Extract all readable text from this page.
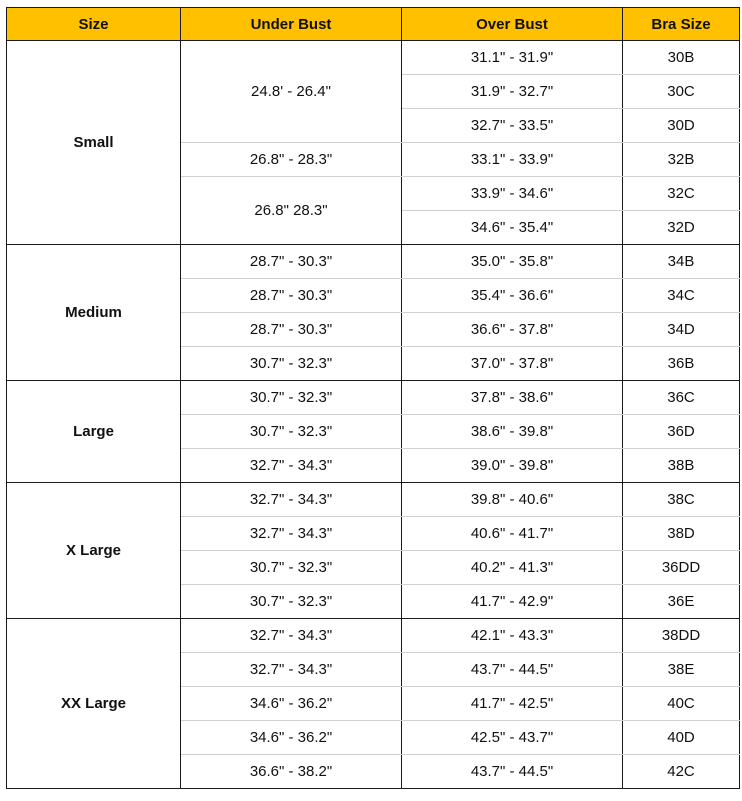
Size	Under Bust	Over Bust	Bra Size
Small	24.8' - 26.4"	31.1" - 31.9"	30B
		31.9" - 32.7"	30C
		32.7" - 33.5"	30D
	26.8" - 28.3"	33.1" - 33.9"	32B
	26.8" 28.3"	33.9" - 34.6"	32C
		34.6" - 35.4"	32D
Medium	28.7" - 30.3"	35.0" - 35.8"	34B
	28.7" - 30.3"	35.4" - 36.6"	34C
	28.7" - 30.3"	36.6" - 37.8"	34D
	30.7" - 32.3"	37.0" - 37.8"	36B
Large	30.7" - 32.3"	37.8" - 38.6"	36C
	30.7" - 32.3"	38.6" - 39.8"	36D
	32.7" - 34.3"	39.0" - 39.8"	38B
X Large	32.7" - 34.3"	39.8" - 40.6"	38C
	32.7" - 34.3"	40.6" - 41.7"	38D
	30.7" - 32.3"	40.2" - 41.3"	36DD
	30.7" - 32.3"	41.7" - 42.9"	36E
XX Large	32.7" - 34.3"	42.1" - 43.3"	38DD
	32.7" - 34.3"	43.7" - 44.5"	38E
	34.6" - 36.2"	41.7" - 42.5"	40C
	34.6" - 36.2"	42.5" - 43.7"	40D
	36.6" - 38.2"	43.7" - 44.5"	42C
